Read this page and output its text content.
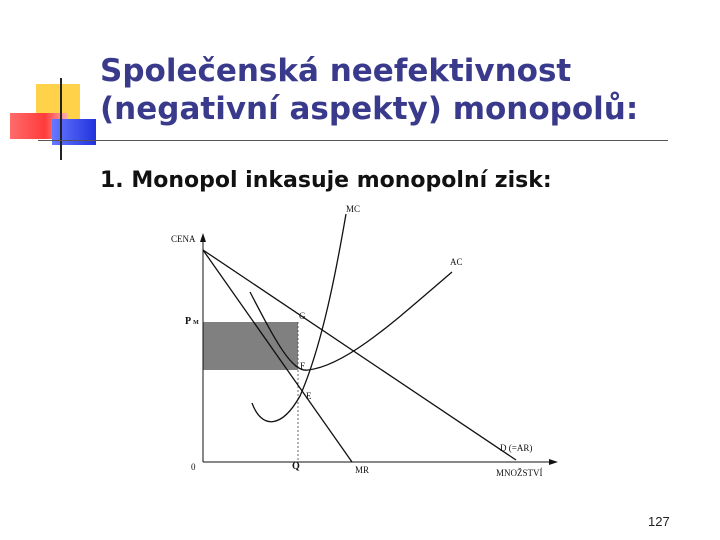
Společenská neefektivnost
(negativní aspekty) monopolů:
1. Monopol inkasuje monopolní zisk:
CENA
MNOŽSTVÍ
0
P M
Q
MC
AC
MR
D (=AR)
G
F
E
127
